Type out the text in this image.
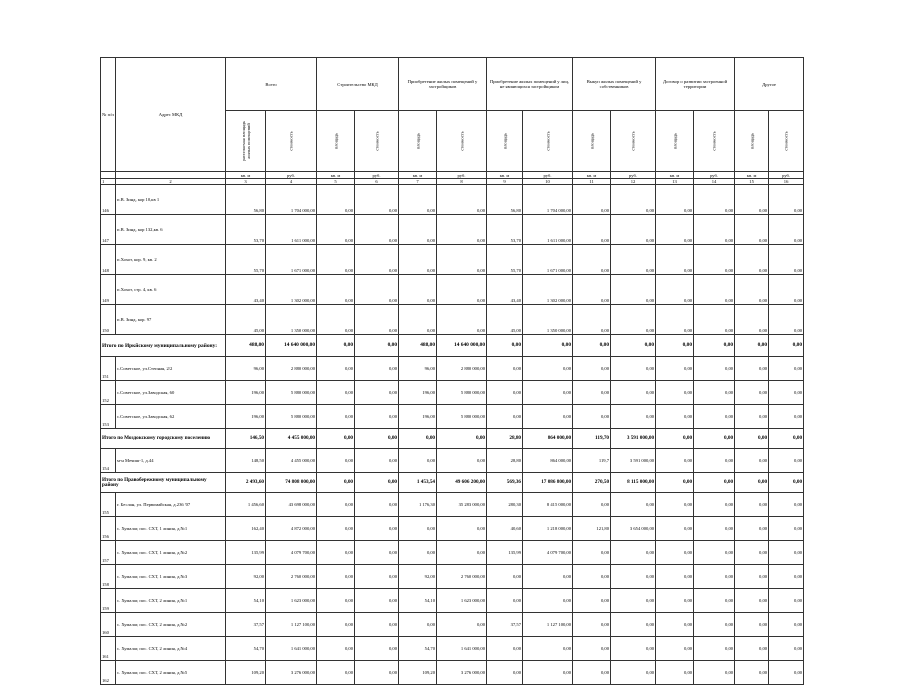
№ п/п	Адрес МКД	Всего		Строительство МКД		Приобретение жилых помещений у застройщиков		Приобретение жилых помещений у лиц, не являющихся застройщиком		Выкуп жилых помещений у собственников		Договор о развитии застроенной территории		Другое	

		расселяемая площадь жилых помещений	стоимость	площадь	стоимость	площадь	стоимость	площадь	стоимость	площадь	стоимость	площадь	стоимость	площадь	стоимость

		кв. м	руб.	кв. м	руб.	кв. м	руб.	кв. м	руб.	кв. м	руб.	кв. м	руб.	кв. м	руб.
1	2	3	4	5	6	7	8	9	10	11	12	13	14	15	16
146	п.В. Зинд, кор 10,кв 1	56,80	1 704 000,00	0,00	0,00	0,00	0,00	56,80	1 704 000,00	0,00	0,00	0,00	0,00	0,00	0,00
147	п.В. Зинд, кор 132,кв. 6	53,70	1 611 000,00	0,00	0,00	0,00	0,00	53,70	1 611 000,00	0,00	0,00	0,00	0,00	0,00	0,00
148	п.Хохот, кор. 9, кв. 2	55,70	1 671 000,00	0,00	0,00	0,00	0,00	55,70	1 671 000,00	0,00	0,00	0,00	0,00	0,00	0,00
149	п.Хохот, стр. 4, кв. 6	43,40	1 302 000,00	0,00	0,00	0,00	0,00	43,40	1 302 000,00	0,00	0,00	0,00	0,00	0,00	0,00
150	п.В. Зинд, кор. 97	45,00	1 350 000,00	0,00	0,00	0,00	0,00	45,00	1 350 000,00	0,00	0,00	0,00	0,00	0,00	0,00
Итого по Иркйскому муниципальному району:		488,00	14 640 000,00	0,00	0,00	488,00	14 640 000,00	0,00	0,00	0,00	0,00	0,00	0,00	0,00	0,00
151	с.Советское, ул.Степная, 2/2	96,00	2 880 000,00	0,00	0,00	96,00	2 880 000,00	0,00	0,00	0,00	0,00	0,00	0,00	0,00	0,00
152	с.Советское, ул.Заводская, 60	196,00	5 880 000,00	0,00	0,00	196,00	5 880 000,00	0,00	0,00	0,00	0,00	0,00	0,00	0,00	0,00
153	с.Советское, ул.Заводская, 62	196,00	5 880 000,00	0,00	0,00	196,00	5 880 000,00	0,00	0,00	0,00	0,00	0,00	0,00	0,00	0,00
Итого по Моздокскому городскому поселению		146,50	4 455 000,00	0,00	0,00	0,00	0,00	28,80	864 000,00	119,70	3 591 000,00	0,00	0,00	0,00	0,00
154	м-н Мечиш-1, д.44	148,50	4 455 000,00	0,00	0,00	0,00	0,00	28,80	864 000,00	119,7	3 591 000,00	0,00	0,00	0,00	0,00
Итого по Правобережному муниципальному району		2 493,60	74 808 000,00	0,00	0,00	1 453,54	49 606 200,00	569,36	17 086 800,00	270,50	8 115 000,00	0,00	0,00	0,00	0,00
155	г. Беслан, ул. Первомайская, д.236 '07	1 456,60	43 698 000,00	0,00	0,00	1 176,30	35 283 000,00	280,30	8 415 000,00	0,00	0,00	0,00	0,00	0,00	0,00
156	с. Хумалаг, пос. СХТ, 1 линия, д.№1	162,40	4 872 000,00	0,00	0,00	0,00	0,00	40,60	1 218 000,00	121,80	3 654 000,00	0,00	0,00	0,00	0,00
157	с. Хумалаг, пос. СХТ, 1 линия, д.№2	135,99	4 079 700,00	0,00	0,00	0,00	0,00	135,99	4 079 700,00	0,00	0,00	0,00	0,00	0,00	0,00
158	с. Хумалаг, пос. СХТ, 1 линия, д.№3	92,00	2 760 000,00	0,00	0,00	92,00	2 760 000,00	0,00	0,00	0,00	0,00	0,00	0,00	0,00	0,00
159	с. Хумалаг, пос. СХТ, 2 линия, д.№1	54,10	1 623 000,00	0,00	0,00	54,10	1 623 000,00	0,00	0,00	0,00	0,00	0,00	0,00	0,00	0,00
160	с. Хумалаг, пос. СХТ, 2 линия, д.№2	37,57	1 127 100,00	0,00	0,00	0,00	0,00	37,57	1 127 100,00	0,00	0,00	0,00	0,00	0,00	0,00
161	с. Хумалаг, пос. СХТ, 2 линия, д.№4	54,70	1 641 000,00	0,00	0,00	54,70	1 641 000,00	0,00	0,00	0,00	0,00	0,00	0,00	0,00	0,00
162	с. Хумалаг, пос. СХТ, 2 линия, д.№5	109,20	3 276 000,00	0,00	0,00	109,20	3 276 000,00	0,00	0,00	0,00	0,00	0,00	0,00	0,00	0,00
